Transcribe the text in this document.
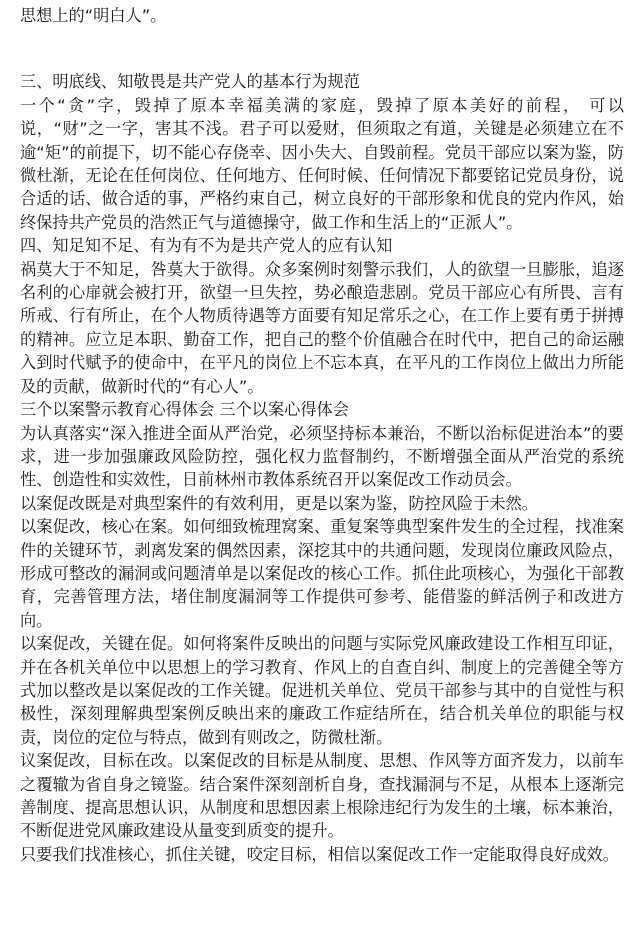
思想上的“明白人”。

三、明底线、知敬畏是共产党人的基本行为规范

一个“贪”字，毁掉了原本幸福美满的家庭，毁掉了原本美好的前程， 可以说，“财”之一字，害其不浅。君子可以爱财，但须取之有道，关键是必须建立在不逾“矩”的前提下，切不能心存侥幸、因小失大、自毁前程。党员干部应以案为鉴，防微杜渐，无论在任何岗位、任何地方、任何时候、任何情况下都要铭记党员身份，说合适的话、做合适的事，严格约束自己，树立良好的干部形象和优良的党内作风，始终保持共产党员的浩然正气与道德操守，做工作和生活上的“正派人”。

四、知足知不足、有为有不为是共产党人的应有认知

祸莫大于不知足，咎莫大于欲得。众多案例时刻警示我们，人的欲望一旦膨胀，追逐名利的心扉就会被打开，欲望一旦失控，势必酿造悲剧。党员干部应心有所畏、言有所戒、行有所止，在个人物质待遇等方面要有知足常乐之心，在工作上要有勇于拼搏的精神。应立足本职、勤奋工作，把自己的整个价值融合在时代中，把自己的命运融入到时代赋予的使命中，在平凡的岗位上不忘本真，在平凡的工作岗位上做出力所能及的贡献，做新时代的“有心人”。

三个以案警示教育心得体会 三个以案心得体会

为认真落实“深入推进全面从严治党，必须坚持标本兼治，不断以治标促进治本”的要求，进一步加强廉政风险防控，强化权力监督制约，不断增强全面从严治党的系统性、创造性和实效性，日前林州市教体系统召开以案促改工作动员会。

以案促改既是对典型案件的有效利用，更是以案为鉴，防控风险于未然。

以案促改，核心在案。如何细致梳理窝案、重复案等典型案件发生的全过程，找准案件的关键环节，剥离发案的偶然因素，深挖其中的共通问题，发现岗位廉政风险点，形成可整改的漏洞或问题清单是以案促改的核心工作。抓住此项核心，为强化干部教育，完善管理方法，堵住制度漏洞等工作提供可参考、能借鉴的鲜活例子和改进方向。

以案促改，关键在促。如何将案件反映出的问题与实际党风廉政建设工作相互印证，并在各机关单位中以思想上的学习教育、作风上的自查自纠、制度上的完善健全等方式加以整改是以案促改的工作关键。促进机关单位、党员干部参与其中的自觉性与积极性，深刻理解典型案例反映出来的廉政工作症结所在，结合机关单位的职能与权责，岗位的定位与特点，做到有则改之，防微杜渐。

议案促改，目标在改。以案促改的目标是从制度、思想、作风等方面齐发力，以前车之覆辙为省自身之镜鉴。结合案件深刻剖析自身，查找漏洞与不足，从根本上逐渐完善制度、提高思想认识，从制度和思想因素上根除违纪行为发生的土壤，标本兼治，不断促进党风廉政建设从量变到质变的提升。

只要我们找准核心，抓住关键，咬定目标，相信以案促改工作一定能取得良好成效。
